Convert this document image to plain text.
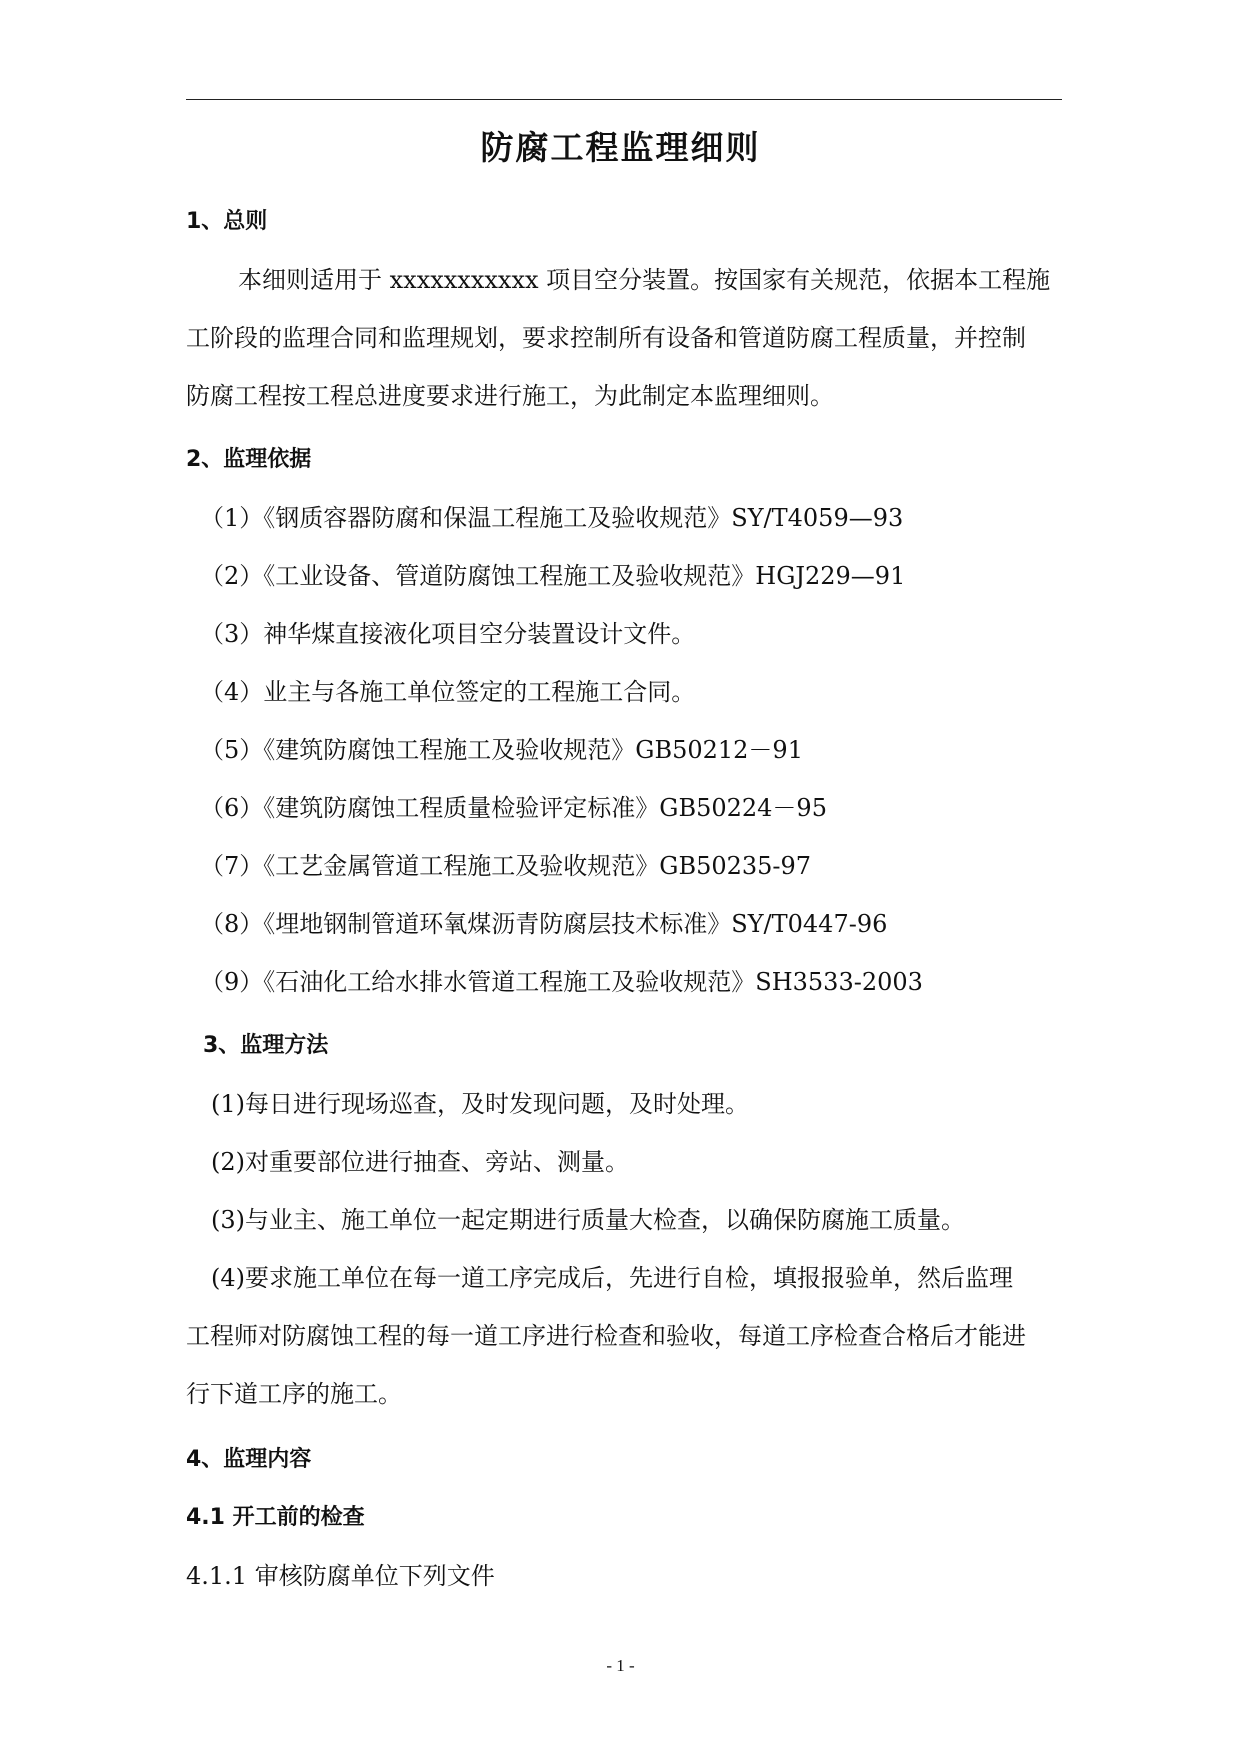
防腐工程监理细则
1、总则
本细则适用于 xxxxxxxxxxx 项目空分装置。按国家有关规范，依据本工程施
工阶段的监理合同和监理规划，要求控制所有设备和管道防腐工程质量，并控制
防腐工程按工程总进度要求进行施工，为此制定本监理细则。
2、监理依据
（1）《钢质容器防腐和保温工程施工及验收规范》SY/T4059—93
（2）《工业设备、管道防腐蚀工程施工及验收规范》HGJ229—91
（3）神华煤直接液化项目空分装置设计文件。
（4）业主与各施工单位签定的工程施工合同。
（5）《建筑防腐蚀工程施工及验收规范》GB50212－91
（6）《建筑防腐蚀工程质量检验评定标准》GB50224－95
（7）《工艺金属管道工程施工及验收规范》GB50235-97
（8）《埋地钢制管道环氧煤沥青防腐层技术标准》SY/T0447-96
（9）《石油化工给水排水管道工程施工及验收规范》SH3533-2003
3、监理方法
(1)每日进行现场巡查，及时发现问题，及时处理。
(2)对重要部位进行抽查、旁站、测量。
(3)与业主、施工单位一起定期进行质量大检查，以确保防腐施工质量。
(4)要求施工单位在每一道工序完成后，先进行自检，填报报验单，然后监理
工程师对防腐蚀工程的每一道工序进行检查和验收，每道工序检查合格后才能进
行下道工序的施工。
4、监理内容
4.1 开工前的检查
4.1.1 审核防腐单位下列文件
- 1 -
